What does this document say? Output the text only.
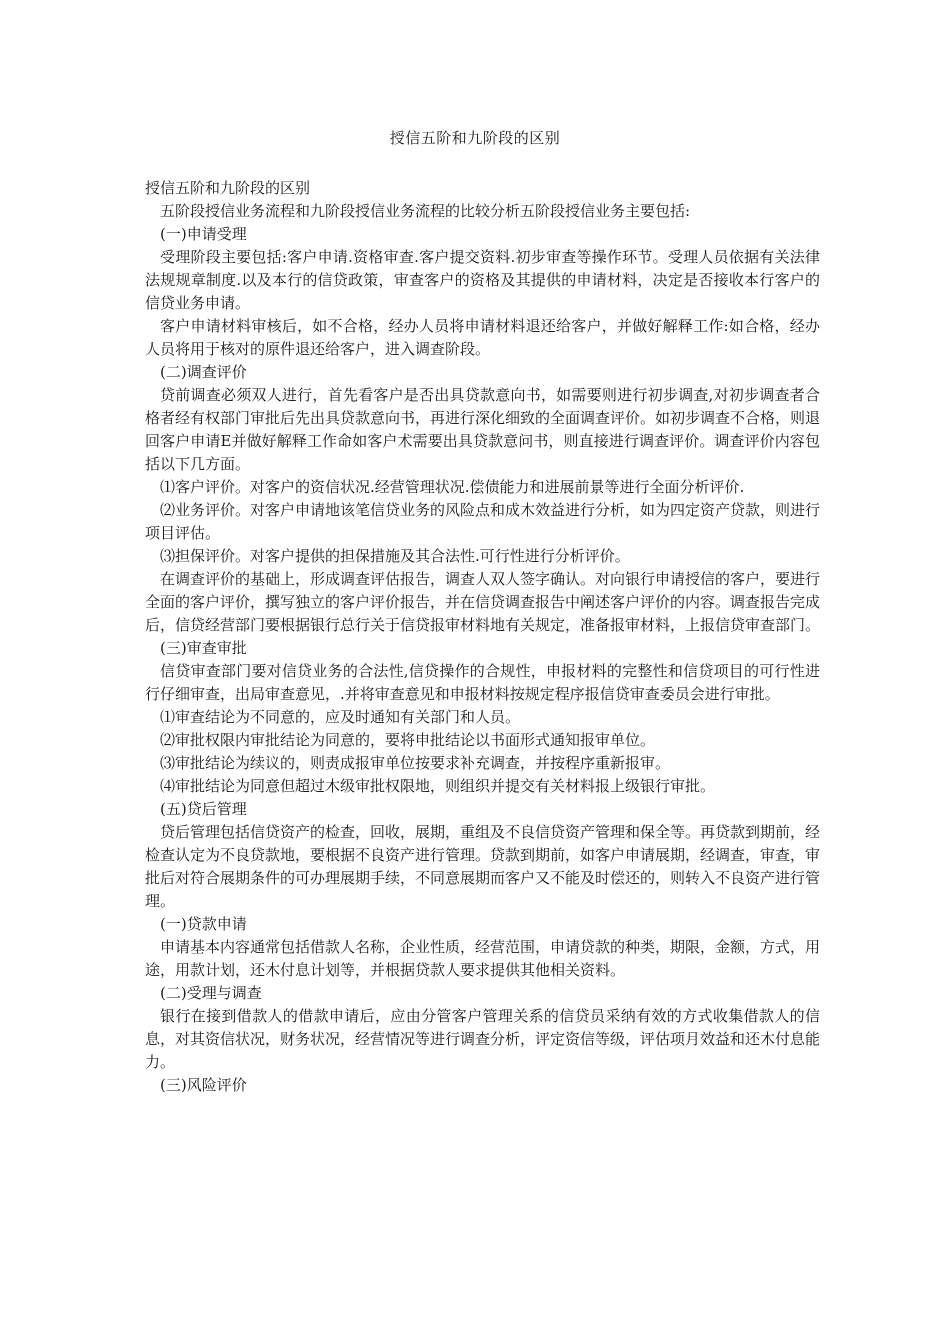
授信五阶和九阶段的区别

授信五阶和九阶段的区别

五阶段授信业务流程和九阶段授信业务流程的比较分析五阶段授信业务主要包括:

(一)申请受理

受理阶段主要包括:客户申请.资格审查.客户提交资料.初步审查等操作环节。受理人员依据有关法律法规规章制度.以及本行的信贷政策，审查客户的资格及其提供的申请材料，决定是否接收本行客户的信贷业务申请。

客户申请材料审核后，如不合格，经办人员将申请材料退还给客户，并做好解释工作:如合格，经办人员将用于核对的原件退还给客户，进入调查阶段。

(二)调查评价

贷前调查必须双人进行，首先看客户是否出具贷款意向书，如需要则进行初步调查,对初步调查者合格者经有权部门审批后先出具贷款意向书，再进行深化细致的全面调查评价。如初步调查不合格，则退回客户申请E并做好解释工作命如客户术需要出具贷款意问书，则直接进行调查评价。调查评价内容包括以下几方面。

⑴客户评价。对客户的资信状况.经营管理状况.偿债能力和进展前景等进行全面分析评价.

⑵业务评价。对客户申请地该笔信贷业务的风险点和成木效益进行分析，如为四定资产贷款，则进行项目评估。

⑶担保评价。对客户提供的担保措施及其合法性.可行性进行分析评价。

在调查评价的基础上，形成调查评估报告，调查人双人签字确认。对向银行申请授信的客户，要进行全面的客户评价，撰写独立的客户评价报告，并在信贷调查报告中阐述客户评价的内容。调查报告完成后，信贷经营部门要根据银行总行关于信贷报审材料地有关规定，准备报审材料，上报信贷审查部门。

(三)审查审批

信贷审查部门要对信贷业务的合法性,信贷操作的合规性，申报材料的完整性和信贷项目的可行性进行仔细审查，出局审查意见，.并将审查意见和申报材料按规定程序报信贷审查委员会进行审批。

⑴审查结论为不同意的，应及时通知有关部门和人员。

⑵审批权限内审批结论为同意的，要将申批结论以书面形式通知报审单位。

⑶审批结论为续议的，则责成报审单位按要求补充调查，并按程序重新报审。

⑷审批结论为同意但超过木级审批权限地，则组织并提交有关材料报上级银行审批。

(五)贷后管理

贷后管理包括信贷资产的检查，回收，展期，重组及不良信贷资产管理和保全等。再贷款到期前，经检查认定为不良贷款地，要根据不良资产进行管理。贷款到期前，如客户申请展期，经调查，审查，审批后对符合展期条件的可办理展期手续，不同意展期而客户又不能及时偿还的，则转入不良资产进行管理。

(一)贷款申请

申请基本内容通常包括借款人名称，企业性质，经营范围，申请贷款的种类，期限，金额，方式，用途，用款计划，还木付息计划等，并根据贷款人要求提供其他相关资料。

(二)受理与调查

银行在接到借款人的借款申请后，应由分管客户管理关系的信贷员采纳有效的方式收集借款人的信息，对其资信状况，财务状况，经营情况等进行调查分析，评定资信等级，评估项月效益和还木付息能力。

(三)风险评价
